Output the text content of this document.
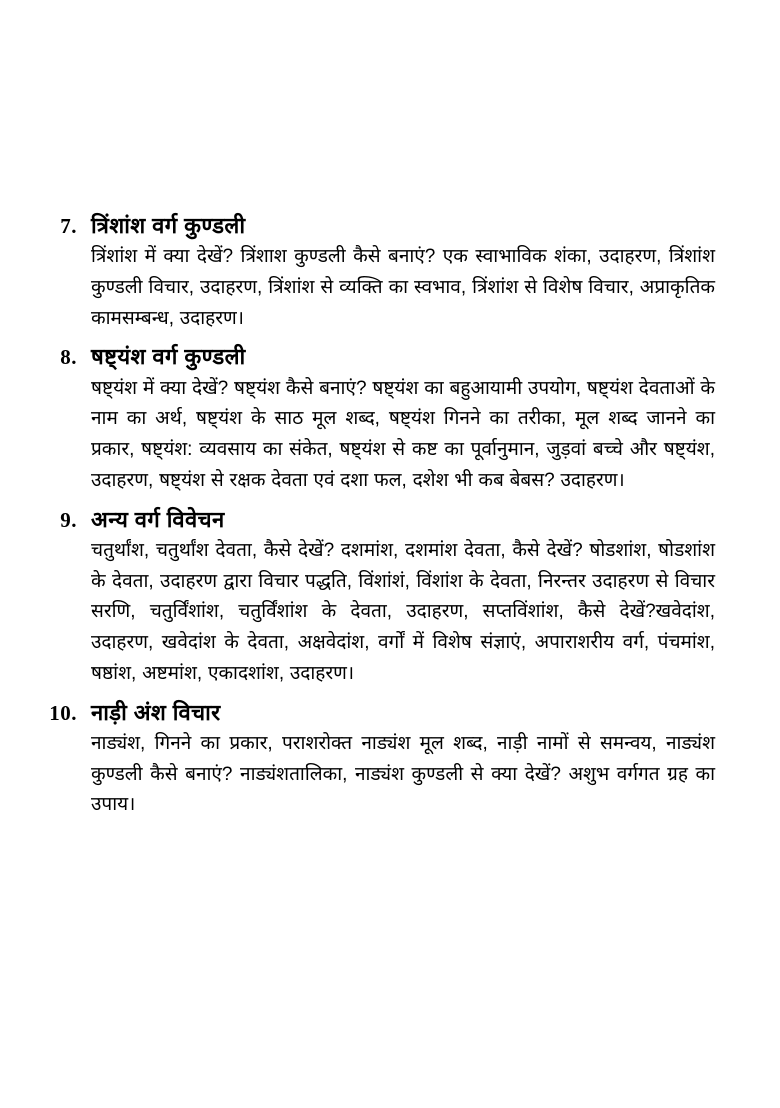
7. त्रिंशांश वर्ग कुण्डली

त्रिंशांश में क्या देखें? त्रिंशाश कुण्डली कैसे बनाएं? एक स्वाभाविक शंका, उदाहरण, त्रिंशांश कुण्डली विचार, उदाहरण, त्रिंशांश से व्यक्ति का स्वभाव, त्रिंशांश से विशेष विचार, अप्राकृतिक कामसम्बन्ध, उदाहरण।

8. षष्ट्यंश वर्ग कुण्डली

षष्ट्यंश में क्या देखें? षष्ट्यंश कैसे बनाएं? षष्ट्यंश का बहुआयामी उपयोग, षष्ट्यंश देवताओं के नाम का अर्थ, षष्ट्यंश के साठ मूल शब्द, षष्ट्यंश गिनने का तरीका, मूल शब्द जानने का प्रकार, षष्ट्यंश: व्यवसाय का संकेत, षष्ट्यंश से कष्ट का पूर्वानुमान, जुड़वां बच्चे और षष्ट्यंश, उदाहरण, षष्ट्यंश से रक्षक देवता एवं दशा फल, दशेश भी कब बेबस? उदाहरण।

9. अन्य वर्ग विवेचन

चतुर्थांश, चतुर्थांश देवता, कैसे देखें? दशमांश, दशमांश देवता, कैसे देखें? षोडशांश, षोडशांश के देवता, उदाहरण द्वारा विचार पद्धति, विंशांशं, विंशांश के देवता, निरन्तर उदाहरण से विचार सरणि, चतुर्विंशांश, चतुर्विंशांश के देवता, उदाहरण, सप्तविंशांश, कैसे देखें?खवेदांश, उदाहरण, खवेदांश के देवता, अक्षवेदांश, वर्गों में विशेष संज्ञाएं, अपाराशरीय वर्ग, पंचमांश, षष्ठांश, अष्टमांश, एकादशांश, उदाहरण।

10. नाड़ी अंश विचार

नाड्यंश, गिनने का प्रकार, पराशरोक्त नाड्यंश मूल शब्द, नाड़ी नामों से समन्वय, नाड्यंश कुण्डली कैसे बनाएं? नाड्यंशतालिका, नाड्यंश कुण्डली से क्या देखें? अशुभ वर्गगत ग्रह का उपाय।
